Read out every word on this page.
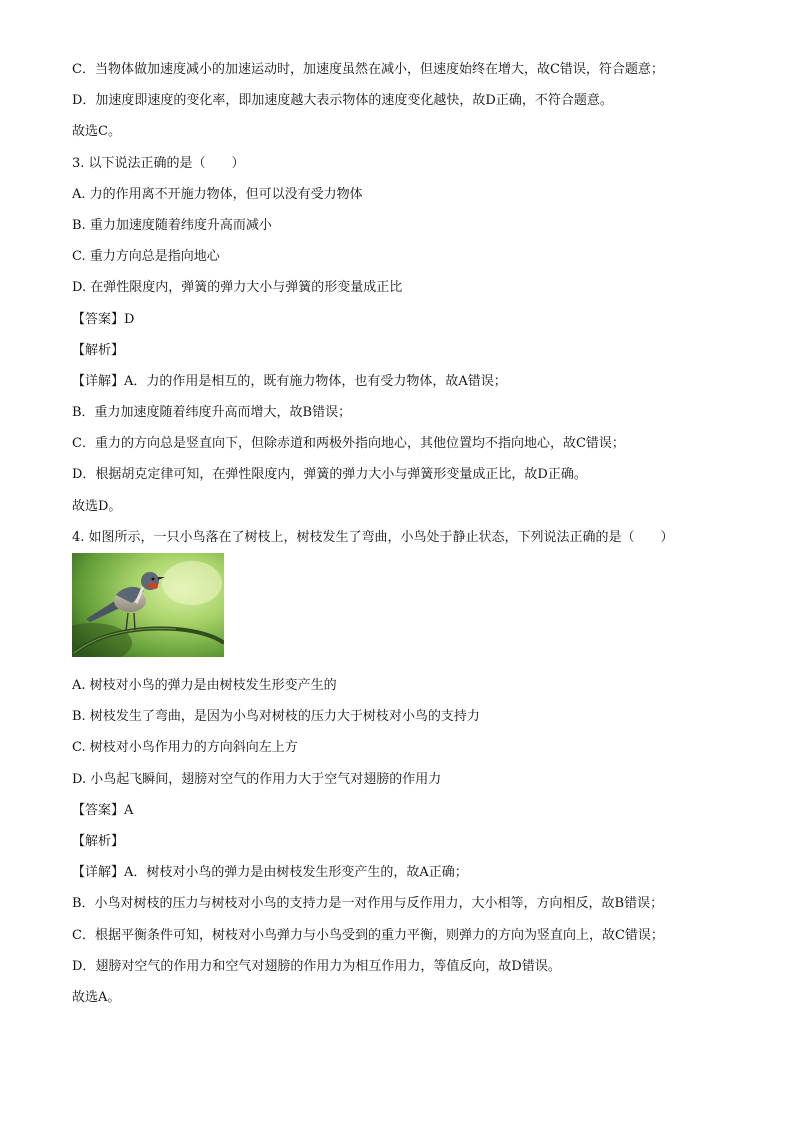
C．当物体做加速度减小的加速运动时，加速度虽然在减小，但速度始终在增大，故C错误，符合题意；
D．加速度即速度的变化率，即加速度越大表示物体的速度变化越快，故D正确，不符合题意。
故选C。
3. 以下说法正确的是（　　）
A. 力的作用离不开施力物体，但可以没有受力物体
B. 重力加速度随着纬度升高而减小
C. 重力方向总是指向地心
D. 在弹性限度内，弹簧的弹力大小与弹簧的形变量成正比
【答案】D
【解析】
【详解】A．力的作用是相互的，既有施力物体，也有受力物体，故A错误；
B．重力加速度随着纬度升高而增大，故B错误；
C．重力的方向总是竖直向下，但除赤道和两极外指向地心，其他位置均不指向地心，故C错误；
D．根据胡克定律可知，在弹性限度内，弹簧的弹力大小与弹簧形变量成正比，故D正确。
故选D。
4. 如图所示，一只小鸟落在了树枝上，树枝发生了弯曲，小鸟处于静止状态，下列说法正确的是（　　）
A. 树枝对小鸟的弹力是由树枝发生形变产生的
B. 树枝发生了弯曲，是因为小鸟对树枝的压力大于树枝对小鸟的支持力
C. 树枝对小鸟作用力的方向斜向左上方
D. 小鸟起飞瞬间，翅膀对空气的作用力大于空气对翅膀的作用力
【答案】A
【解析】
【详解】A．树枝对小鸟的弹力是由树枝发生形变产生的，故A正确；
B．小鸟对树枝的压力与树枝对小鸟的支持力是一对作用与反作用力，大小相等，方向相反，故B错误；
C．根据平衡条件可知，树枝对小鸟弹力与小鸟受到的重力平衡，则弹力的方向为竖直向上，故C错误；
D．翅膀对空气的作用力和空气对翅膀的作用力为相互作用力，等值反向，故D错误。
故选A。
